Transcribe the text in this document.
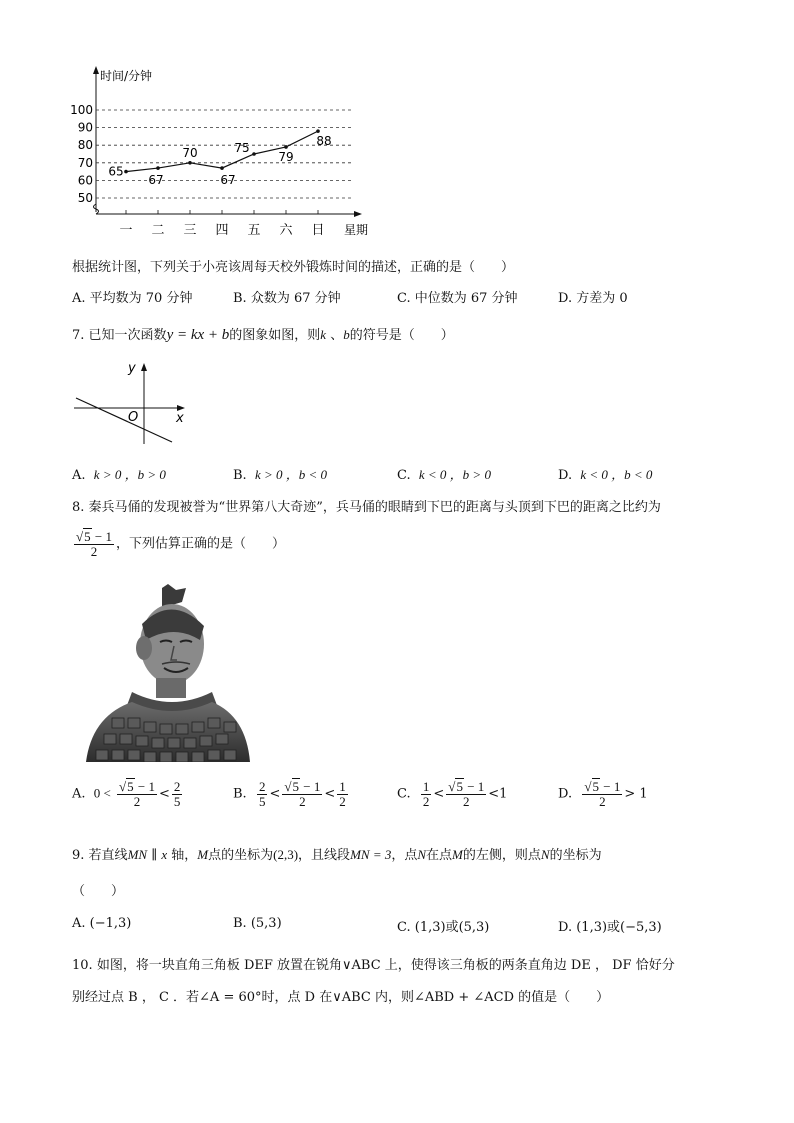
时间/分钟
星期
50
60
70
80
90
100
一 二 三 四 五 六 日
65
67
70
67
75
79
88
根据统计图，下列关于小亮该周每天校外锻炼时间的描述，正确的是（　　）
A. 平均数为 70 分钟	B. 众数为 67 分钟	C. 中位数为 67 分钟	D. 方差为 0
7. 已知一次函数y = kx + b的图象如图，则k 、b的符号是（　　）
y
x
O
A. k > 0 ，b > 0	B. k > 0 ，b < 0	C. k < 0 ，b > 0	D. k < 0 ，b < 0
8. 秦兵马俑的发现被誉为“世界第八大奇迹”，兵马俑的眼睛到下巴的距离与头顶到下巴的距离之比约为
$\frac{√5 - 1}{2}$ ，下列估算正确的是（　　）
A. $0 < \frac{√5 - 1}{2} < \frac{2}{5}$	B. $\frac{2}{5} < \frac{√5 - 1}{2} < \frac{1}{2}$	C. $\frac{1}{2} < \frac{√5 - 1}{2} <1$	D. $\frac{√5 - 1}{2} > 1$
9. 若直线MN ∥ x 轴，M点的坐标为(2,3)，且线段MN = 3，点N在点M的左侧，则点N的坐标为
（　　）
A. (−1,3)	B. (5,3)	C. (1,3)或(5,3)	D. (1,3)或(−5,3)
10. 如图，将一块直角三角板 DEF 放置在锐角∨ABC 上，使得该三角板的两条直角边 DE ， DF 恰好分
别经过点 B ， C ．若∠A = 60°时，点 D 在∨ABC 内，则∠ABD + ∠ACD 的值是（　　）
